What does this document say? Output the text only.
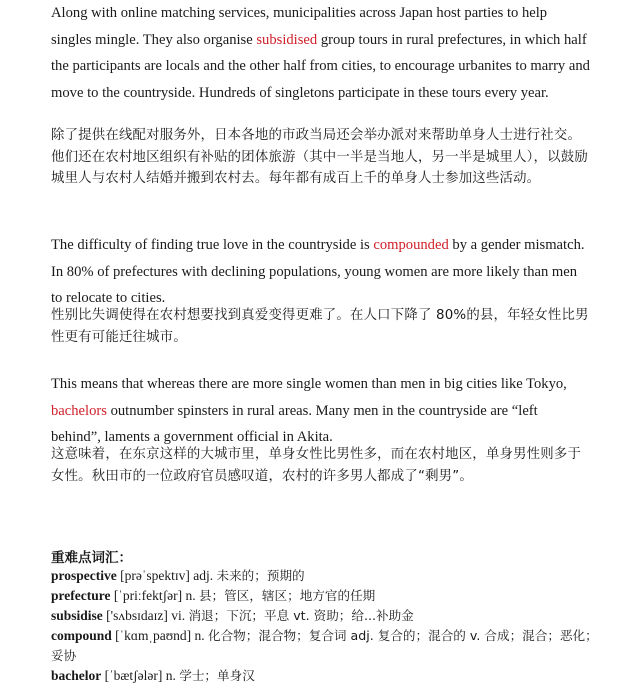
Along with online matching services, municipalities across Japan host parties to help singles mingle. They also organise subsidised group tours in rural prefectures, in which half the participants are locals and the other half from cities, to encourage urbanites to marry and move to the countryside. Hundreds of singletons participate in these tours every year.

除了提供在线配对服务外，日本各地的市政当局还会举办派对来帮助单身人士进行社交。他们还在农村地区组织有补贴的团体旅游（其中一半是当地人，另一半是城里人），以鼓励城里人与农村人结婚并搬到农村去。每年都有成百上千的单身人士参加这些活动。

The difficulty of finding true love in the countryside is compounded by a gender mismatch. In 80% of prefectures with declining populations, young women are more likely than men to relocate to cities.

性别比失调使得在农村想要找到真爱变得更难了。在人口下降了 80%的县，年轻女性比男性更有可能迁往城市。

This means that whereas there are more single women than men in big cities like Tokyo, bachelors outnumber spinsters in rural areas. Many men in the countryside are “left behind”, laments a government official in Akita.

这意味着，在东京这样的大城市里，单身女性比男性多，而在农村地区，单身男性则多于女性。秋田市的一位政府官员感叹道，农村的许多男人都成了“剩男”。

重难点词汇：

prospective [prəˈspektɪv] adj. 未来的；预期的
prefecture [ˈpriːfektʃər] n. 县；管区，辖区；地方官的任期
subsidise ['sʌbsɪdaɪz] vi. 消退；下沉；平息 vt. 资助；给...补助金
compound [ˈkɑmˌpaʊnd] n. 化合物；混合物；复合词 adj. 复合的；混合的 v. 合成；混合；恶化；妥协
bachelor [ˈbætʃələr] n. 学士；单身汉
